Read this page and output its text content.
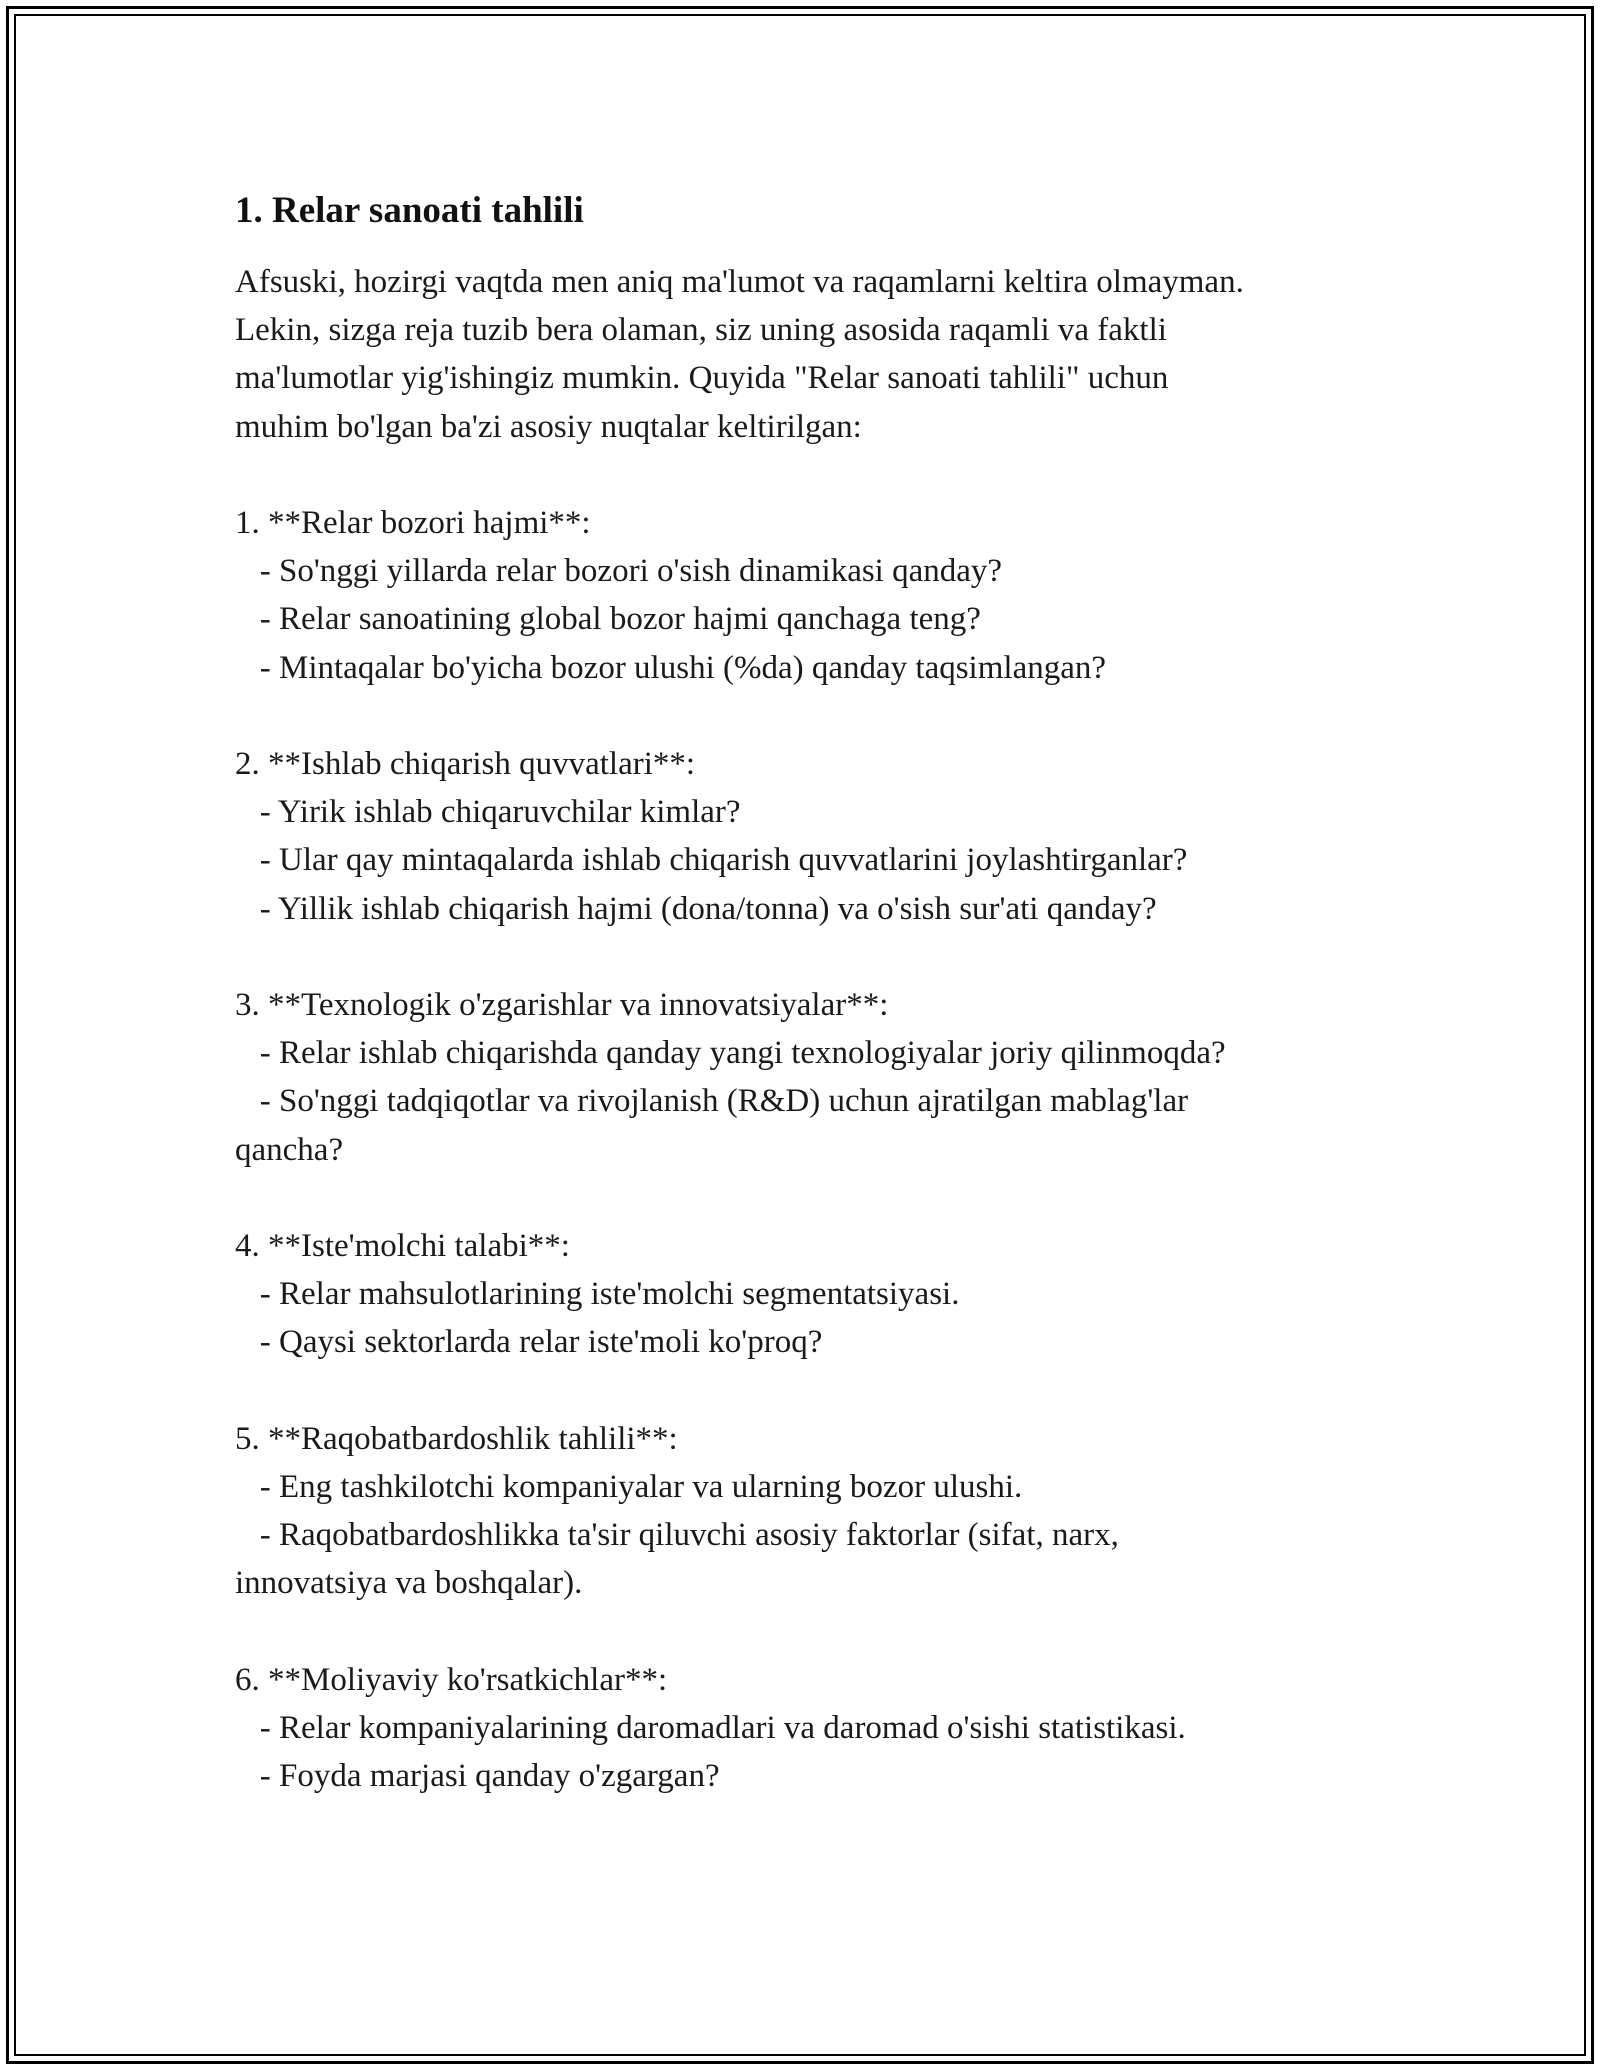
1. Relar sanoati tahlili

Afsuski, hozirgi vaqtda men aniq ma'lumot va raqamlarni keltira olmayman.
Lekin, sizga reja tuzib bera olaman, siz uning asosida raqamli va faktli
ma'lumotlar yig'ishingiz mumkin. Quyida "Relar sanoati tahlili" uchun
muhim bo'lgan ba'zi asosiy nuqtalar keltirilgan:

1. **Relar bozori hajmi**:
- So'nggi yillarda relar bozori o'sish dinamikasi qanday?
- Relar sanoatining global bozor hajmi qanchaga teng?
- Mintaqalar bo'yicha bozor ulushi (%da) qanday taqsimlangan?

2. **Ishlab chiqarish quvvatlari**:
- Yirik ishlab chiqaruvchilar kimlar?
- Ular qay mintaqalarda ishlab chiqarish quvvatlarini joylashtirganlar?
- Yillik ishlab chiqarish hajmi (dona/tonna) va o'sish sur'ati qanday?

3. **Texnologik o'zgarishlar va innovatsiyalar**:
- Relar ishlab chiqarishda qanday yangi texnologiyalar joriy qilinmoqda?
- So'nggi tadqiqotlar va rivojlanish (R&D) uchun ajratilgan mablag'lar
qancha?

4. **Iste'molchi talabi**:
- Relar mahsulotlarining iste'molchi segmentatsiyasi.
- Qaysi sektorlarda relar iste'moli ko'proq?

5. **Raqobatbardoshlik tahlili**:
- Eng tashkilotchi kompaniyalar va ularning bozor ulushi.
- Raqobatbardoshlikka ta'sir qiluvchi asosiy faktorlar (sifat, narx,
innovatsiya va boshqalar).

6. **Moliyaviy ko'rsatkichlar**:
- Relar kompaniyalarining daromadlari va daromad o'sishi statistikasi.
- Foyda marjasi qanday o'zgargan?
